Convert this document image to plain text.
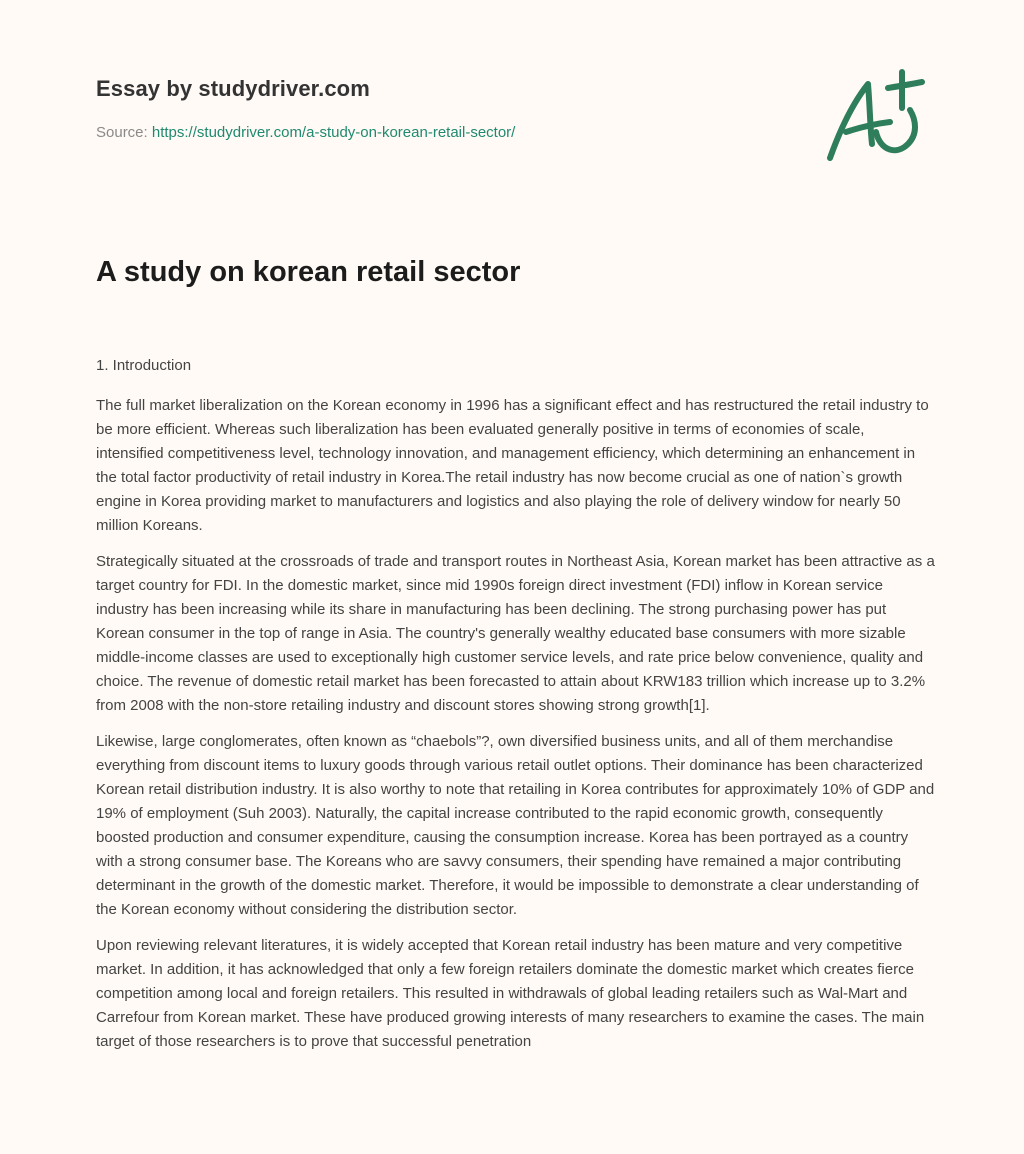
Essay by studydriver.com
Source: https://studydriver.com/a-study-on-korean-retail-sector/
A study on korean retail sector
1. Introduction

The full market liberalization on the Korean economy in 1996 has a significant effect and has restructured the retail industry to be more efficient. Whereas such liberalization has been evaluated generally positive in terms of economies of scale, intensified competitiveness level, technology innovation, and management efficiency, which determining an enhancement in the total factor productivity of retail industry in Korea.The retail industry has now become crucial as one of nation`s growth engine in Korea providing market to manufacturers and logistics and also playing the role of delivery window for nearly 50 million Koreans.

Strategically situated at the crossroads of trade and transport routes in Northeast Asia, Korean market has been attractive as a target country for FDI. In the domestic market, since mid 1990s foreign direct investment (FDI) inflow in Korean service industry has been increasing while its share in manufacturing has been declining. The strong purchasing power has put Korean consumer in the top of range in Asia. The country's generally wealthy educated base consumers with more sizable middle-income classes are used to exceptionally high customer service levels, and rate price below convenience, quality and choice. The revenue of domestic retail market has been forecasted to attain about KRW183 trillion which increase up to 3.2% from 2008 with the non-store retailing industry and discount stores showing strong growth[1].

Likewise, large conglomerates, often known as “chaebols”?, own diversified business units, and all of them merchandise everything from discount items to luxury goods through various retail outlet options. Their dominance has been characterized Korean retail distribution industry. It is also worthy to note that retailing in Korea contributes for approximately 10% of GDP and 19% of employment (Suh 2003). Naturally, the capital increase contributed to the rapid economic growth, consequently boosted production and consumer expenditure, causing the consumption increase. Korea has been portrayed as a country with a strong consumer base. The Koreans who are savvy consumers, their spending have remained a major contributing determinant in the growth of the domestic market. Therefore, it would be impossible to demonstrate a clear understanding of the Korean economy without considering the distribution sector.

Upon reviewing relevant literatures, it is widely accepted that Korean retail industry has been mature and very competitive market. In addition, it has acknowledged that only a few foreign retailers dominate the domestic market which creates fierce competition among local and foreign retailers. This resulted in withdrawals of global leading retailers such as Wal-Mart and Carrefour from Korean market. These have produced growing interests of many researchers to examine the cases. The main target of those researchers is to prove that successful penetration
